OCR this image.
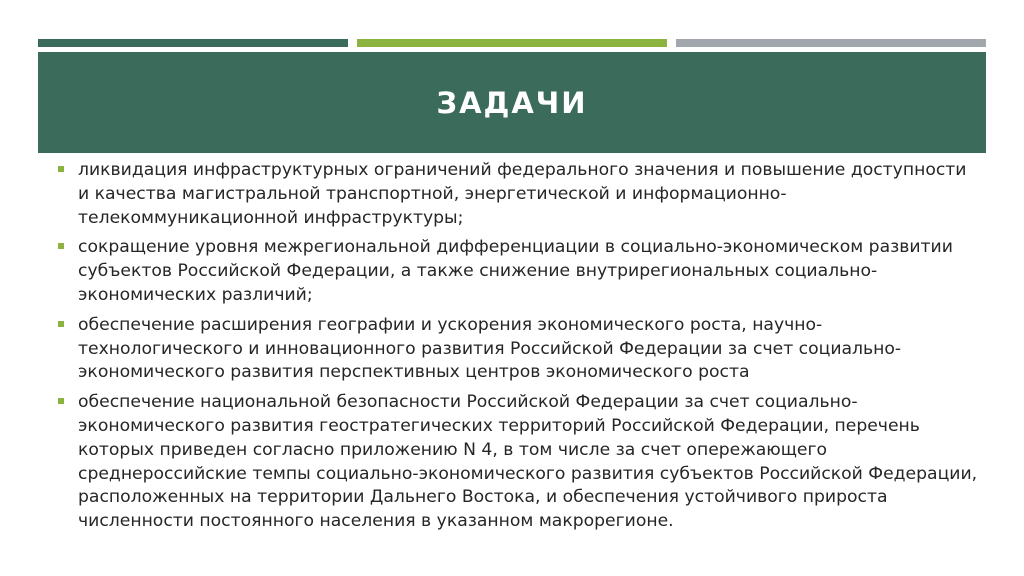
ЗАДАЧИ
ликвидация инфраструктурных ограничений федерального значения и повышение доступности и качества магистральной транспортной, энергетической и информационно-телекоммуникационной инфраструктуры;
сокращение уровня межрегиональной дифференциации в социально-экономическом развитии субъектов Российской Федерации, а также снижение внутрирегиональных социально-экономических различий;
обеспечение расширения географии и ускорения экономического роста, научно-технологического и инновационного развития Российской Федерации за счет социально-экономического развития перспективных центров экономического роста
обеспечение национальной безопасности Российской Федерации за счет социально-экономического развития геостратегических территорий Российской Федерации, перечень которых приведен согласно приложению N 4, в том числе за счет опережающего среднероссийские темпы социально-экономического развития субъектов Российской Федерации, расположенных на территории Дальнего Востока, и обеспечения устойчивого прироста численности постоянного населения в указанном макрорегионе.
